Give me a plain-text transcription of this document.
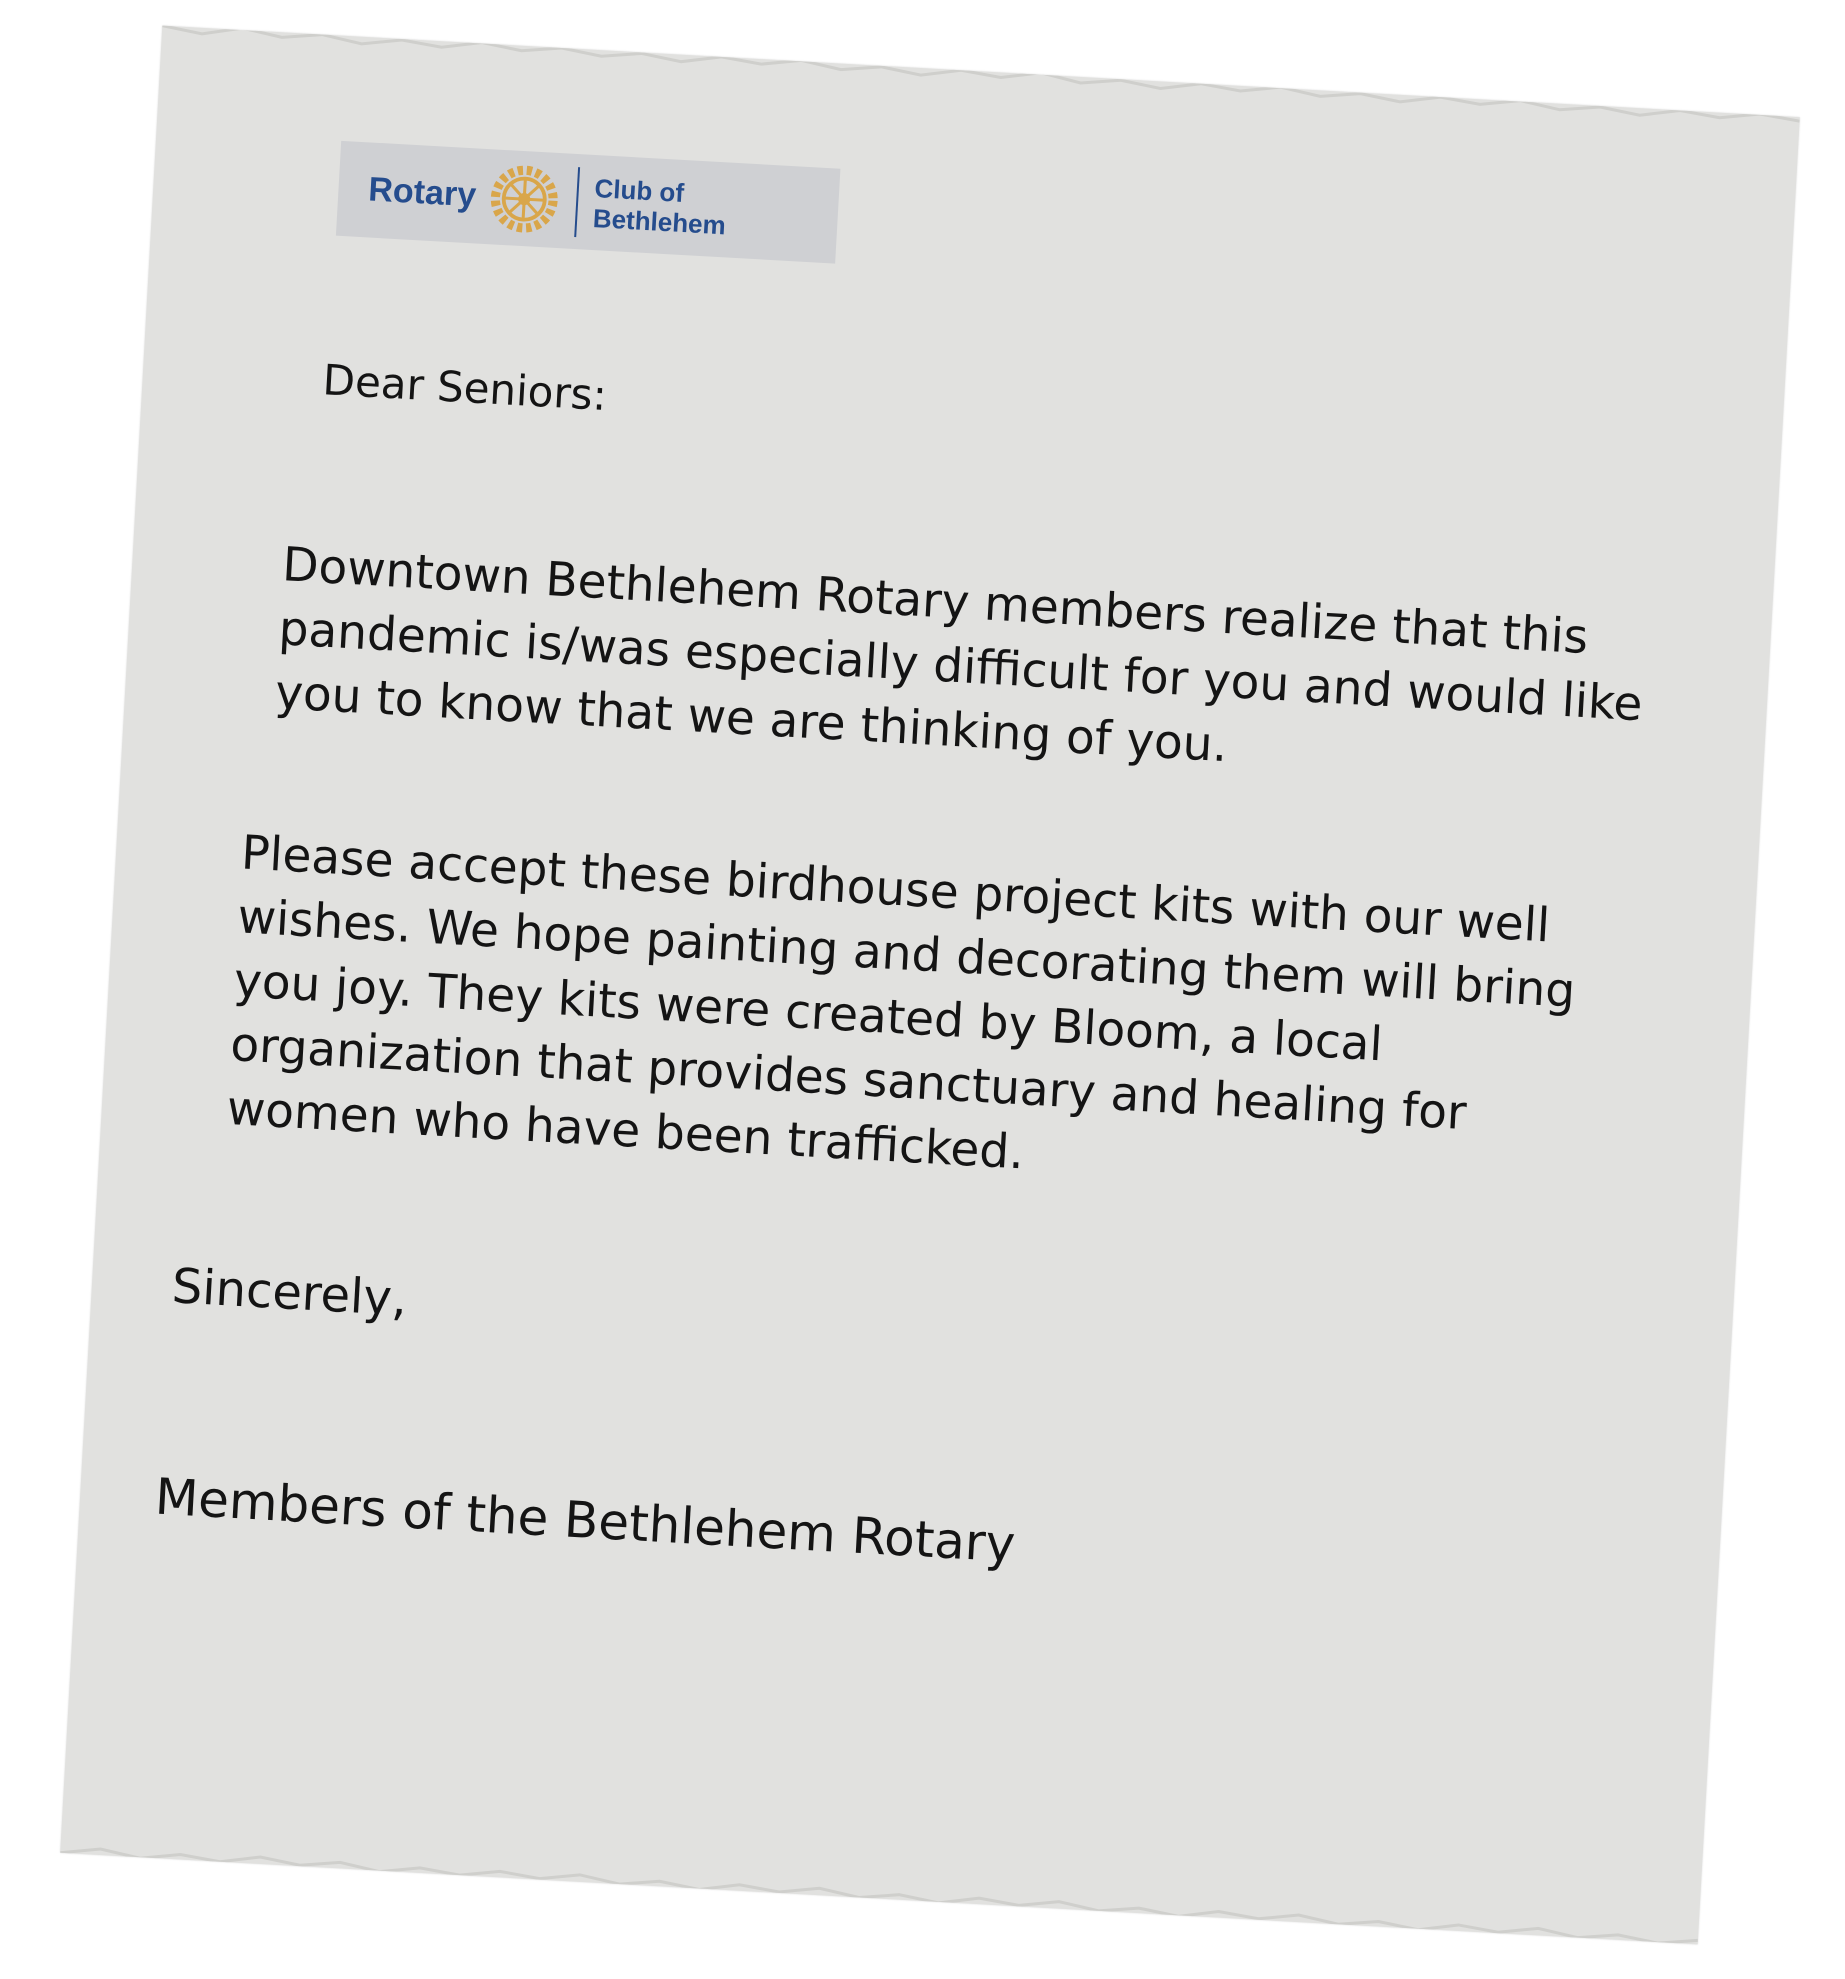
Rotary	Club of
Bethlehem
Dear Seniors:
Downtown Bethlehem Rotary members realize that this pandemic is/was especially difficult for you and would like you to know that we are thinking of you.
Please accept these birdhouse project kits with our well wishes. We hope painting and decorating them will bring you joy. They kits were created by Bloom, a local organization that provides sanctuary and healing for women who have been trafficked.
Sincerely,
Members of the Bethlehem Rotary
